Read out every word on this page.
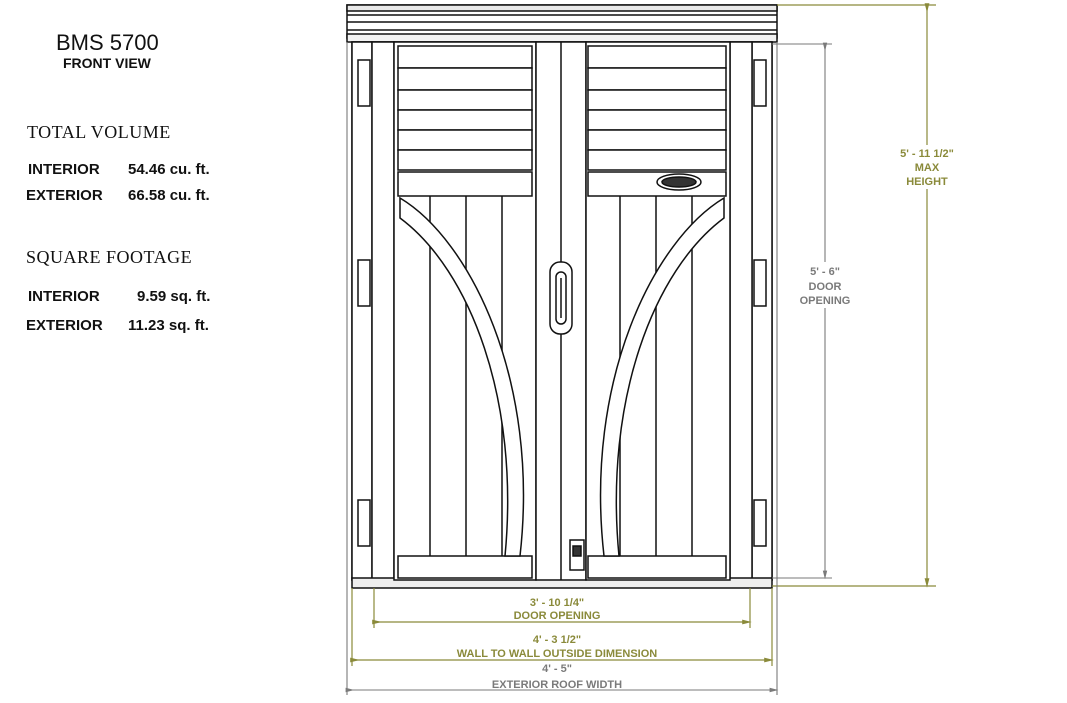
BMS 5700
FRONT VIEW
TOTAL VOLUME
INTERIOR 54.46 cu. ft.
EXTERIOR 66.58 cu. ft.
SQUARE FOOTAGE
INTERIOR 9.59 sq. ft.
EXTERIOR 11.23 sq. ft.
5' - 11 1/2"
MAX
HEIGHT
5' - 6"
DOOR
OPENING
3' - 10 1/4"
DOOR OPENING
4' - 3 1/2"
WALL TO WALL OUTSIDE DIMENSION
4' - 5"
EXTERIOR ROOF WIDTH
